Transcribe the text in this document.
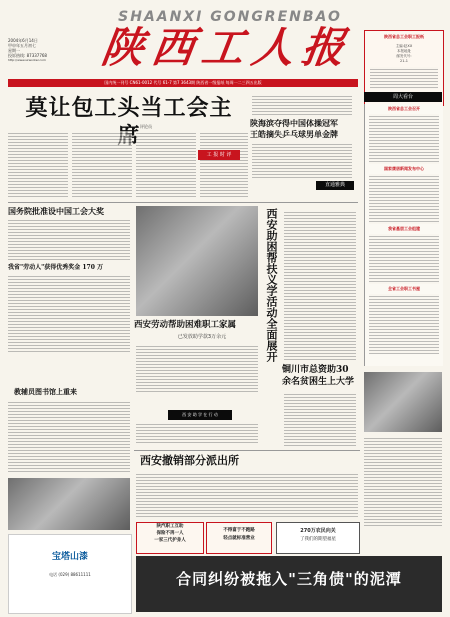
2004年6月14日
甲申年五月初七
星期一
投诉热线: 87337768
http://www.sxworker.com
SHAANXI GONGRENBAO
陕西工人报	陕西省总工会职工报纸
主编:赵XX
本报地址
邮发代号:
21-1
国内统一刊号 CN61-0012 代号 61-7 第7 3643期 陕西省一级报纸 每周一二三四五出版
莫让包工头当工会主
评论员
工 报 时 评
陕海滨夺得中国体操冠军
王皓摘失乒乓球男单金牌
直通雅典
周大看台
陕西省总工会召开
国家康居新闻发布中心
我省基层工会组建
全省工会职工书屋
国务院批准设中国工会大奖
我省"劳动人"获得优秀奖金 170 万
教辅员图书馆上重来
西安劳动帮助困难职工家属
已发放助学款3万余元
西 安 助 学 在 行 动
西安助困帮扶义学活动全面展开
铜川市总资助30余名贫困生上大学
西安撤销部分派出所
陕汽职工互助
保险不再一人
一家三代护身人
不得富于不跑路
轻点就标准营业
270万农民向关
了我们的期望福星
合同纠纷被拖入"三角债"的泥潭
宝塔山漆
电话 (029) 88611111
